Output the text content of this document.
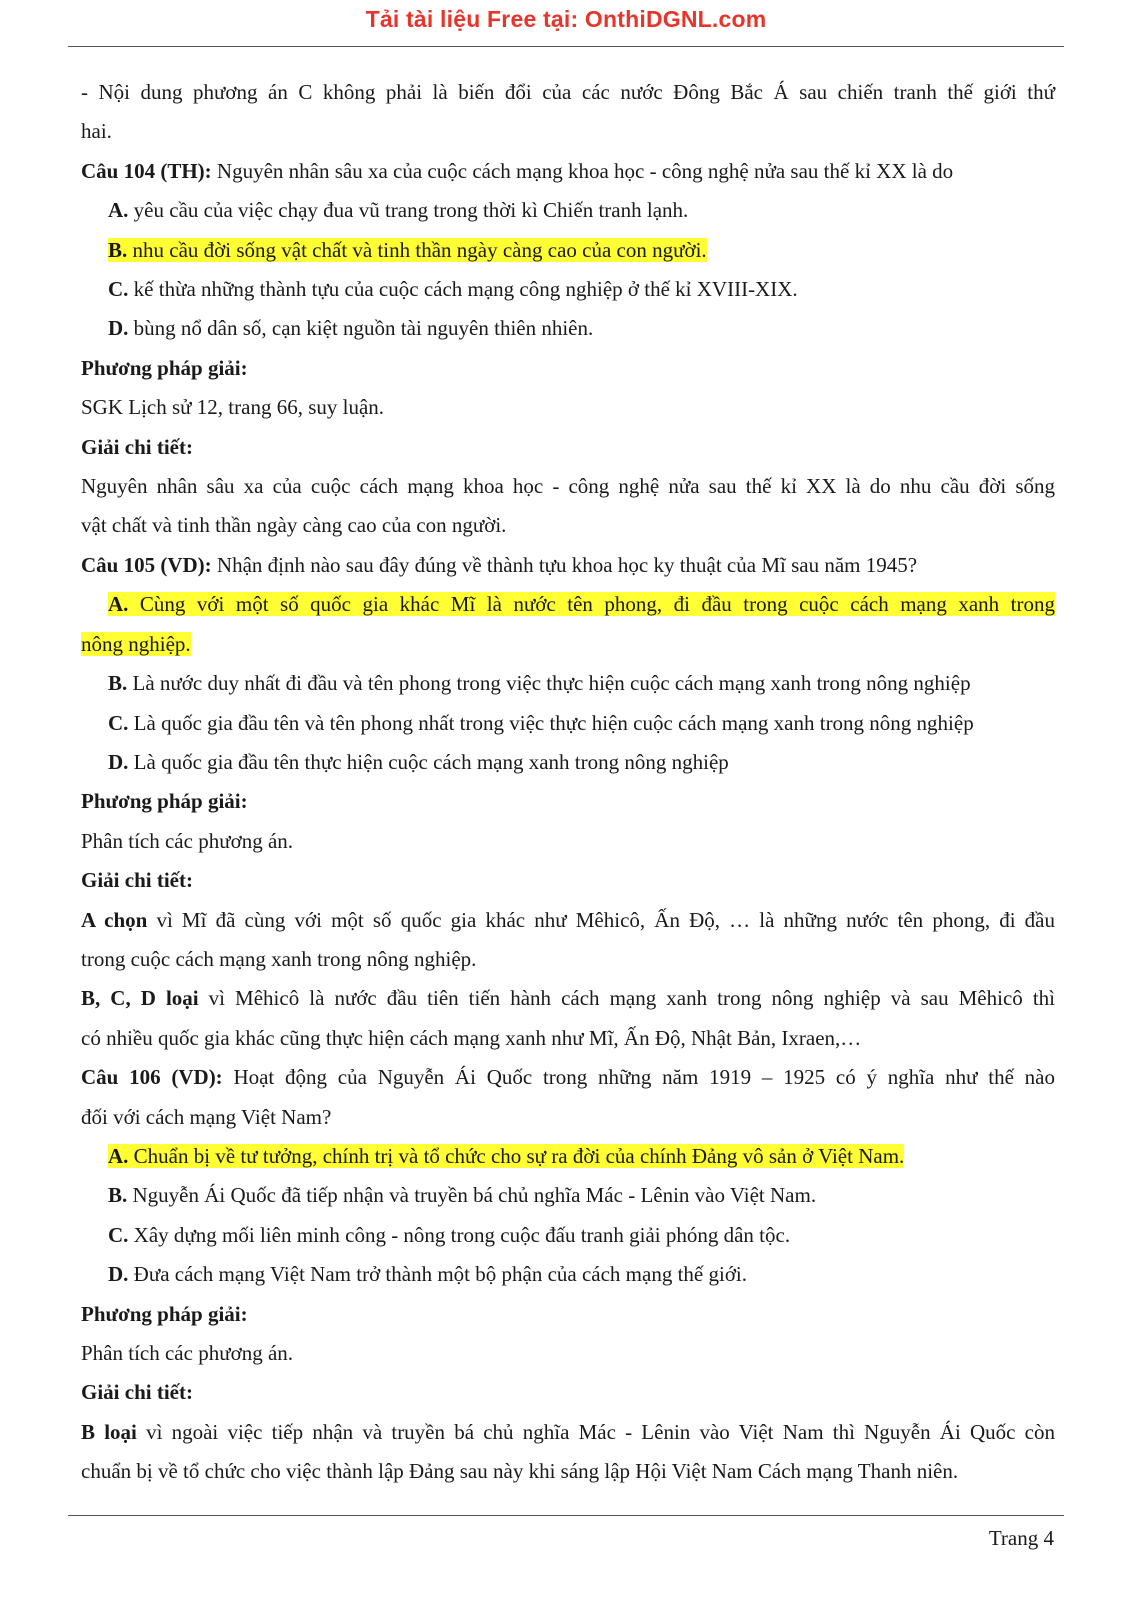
Tải tài liệu Free tại: OnthiDGNL.com

- Nội dung phương án C không phải là biến đổi của các nước Đông Bắc Á sau chiến tranh thế giới thứ

hai.

Câu 104 (TH): Nguyên nhân sâu xa của cuộc cách mạng khoa học - công nghệ nửa sau thế kỉ XX là do

A. yêu cầu của việc chạy đua vũ trang trong thời kì Chiến tranh lạnh.

B. nhu cầu đời sống vật chất và tinh thần ngày càng cao của con người.

C. kế thừa những thành tựu của cuộc cách mạng công nghiệp ở thế kỉ XVIII-XIX.

D. bùng nổ dân số, cạn kiệt nguồn tài nguyên thiên nhiên.

Phương pháp giải:

SGK Lịch sử 12, trang 66, suy luận.

Giải chi tiết:

Nguyên nhân sâu xa của cuộc cách mạng khoa học - công nghệ nửa sau thế kỉ XX là do nhu cầu đời sống

vật chất và tinh thần ngày càng cao của con người.

Câu 105 (VD): Nhận định nào sau đây đúng về thành tựu khoa học ky thuật của Mĩ sau năm 1945?

A. Cùng với một số quốc gia khác Mĩ là nước tên phong, đi đầu trong cuộc cách mạng xanh trong

nông nghiệp.

B. Là nước duy nhất đi đầu và tên phong trong việc thực hiện cuộc cách mạng xanh trong nông nghiệp

C. Là quốc gia đầu tên và tên phong nhất trong việc thực hiện cuộc cách mạng xanh trong nông nghiệp

D. Là quốc gia đầu tên thực hiện cuộc cách mạng xanh trong nông nghiệp

Phương pháp giải:

Phân tích các phương án.

Giải chi tiết:

A chọn vì Mĩ đã cùng với một số quốc gia khác như Mêhicô, Ấn Độ, … là những nước tên phong, đi đầu

trong cuộc cách mạng xanh trong nông nghiệp.

B, C, D loại vì Mêhicô là nước đầu tiên tiến hành cách mạng xanh trong nông nghiệp và sau Mêhicô thì

có nhiều quốc gia khác cũng thực hiện cách mạng xanh như Mĩ, Ấn Độ, Nhật Bản, Ixraen,…

Câu 106 (VD): Hoạt động của Nguyễn Ái Quốc trong những năm 1919 – 1925 có ý nghĩa như thế nào

đối với cách mạng Việt Nam?

A. Chuẩn bị về tư tưởng, chính trị và tổ chức cho sự ra đời của chính Đảng vô sản ở Việt Nam.

B. Nguyễn Ái Quốc đã tiếp nhận và truyền bá chủ nghĩa Mác - Lênin vào Việt Nam.

C. Xây dựng mối liên minh công - nông trong cuộc đấu tranh giải phóng dân tộc.

D. Đưa cách mạng Việt Nam trở thành một bộ phận của cách mạng thế giới.

Phương pháp giải:

Phân tích các phương án.

Giải chi tiết:

B loại vì ngoài việc tiếp nhận và truyền bá chủ nghĩa Mác - Lênin vào Việt Nam thì Nguyễn Ái Quốc còn

chuẩn bị về tổ chức cho việc thành lập Đảng sau này khi sáng lập Hội Việt Nam Cách mạng Thanh niên.

Trang 4
